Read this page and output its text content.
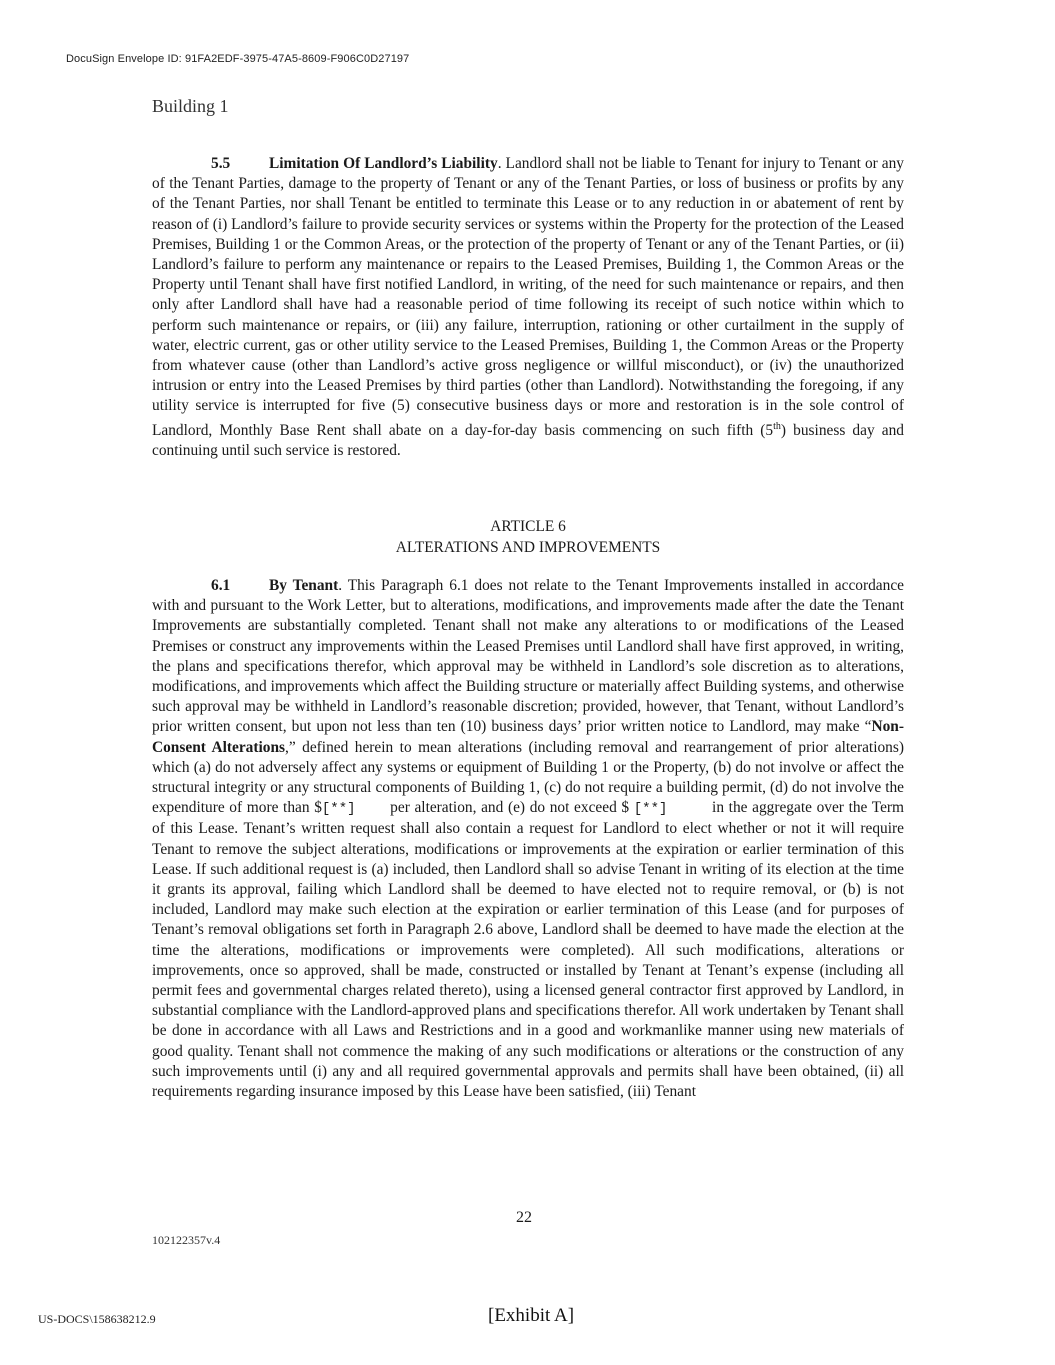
DocuSign Envelope ID: 91FA2EDF-3975-47A5-8609-F906C0D27197
Building 1

5.5	Limitation Of Landlord’s Liability. Landlord shall not be liable to Tenant for injury to Tenant or any of the Tenant Parties, damage to the property of Tenant or any of the Tenant Parties, or loss of business or profits by any of the Tenant Parties, nor shall Tenant be entitled to terminate this Lease or to any reduction in or abatement of rent by reason of (i) Landlord’s failure to provide security services or systems within the Property for the protection of the Leased Premises, Building 1 or the Common Areas, or the protection of the property of Tenant or any of the Tenant Parties, or (ii) Landlord’s failure to perform any maintenance or repairs to the Leased Premises, Building 1, the Common Areas or the Property until Tenant shall have first notified Landlord, in writing, of the need for such maintenance or repairs, and then only after Landlord shall have had a reasonable period of time following its receipt of such notice within which to perform such maintenance or repairs, or (iii) any failure, interruption, rationing or other curtailment in the supply of water, electric current, gas or other utility service to the Leased Premises, Building 1, the Common Areas or the Property from whatever cause (other than Landlord’s active gross negligence or willful misconduct), or (iv) the unauthorized intrusion or entry into the Leased Premises by third parties (other than Landlord). Notwithstanding the foregoing, if any utility service is interrupted for five (5) consecutive business days or more and restoration is in the sole control of Landlord, Monthly Base Rent shall abate on a day-for-day basis commencing on such fifth (5th) business day and continuing until such service is restored.

ARTICLE 6
ALTERATIONS AND IMPROVEMENTS

6.1	By Tenant. This Paragraph 6.1 does not relate to the Tenant Improvements installed in accordance with and pursuant to the Work Letter, but to alterations, modifications, and improvements made after the date the Tenant Improvements are substantially completed. Tenant shall not make any alterations to or modifications of the Leased Premises or construct any improvements within the Leased Premises until Landlord shall have first approved, in writing, the plans and specifications therefor, which approval may be withheld in Landlord’s sole discretion as to alterations, modifications, and improvements which affect the Building structure or materially affect Building systems, and otherwise such approval may be withheld in Landlord’s reasonable discretion; provided, however, that Tenant, without Landlord’s prior written consent, but upon not less than ten (10) business days’ prior written notice to Landlord, may make “Non-Consent Alterations,” defined herein to mean alterations (including removal and rearrangement of prior alterations) which (a) do not adversely affect any systems or equipment of Building 1 or the Property, (b) do not involve or affect the structural integrity or any structural components of Building 1, (c) do not require a building permit, (d) do not involve the expenditure of more than $[**] per alteration, and (e) do not exceed $ [**]	in the aggregate over the Term of this Lease. Tenant’s written request shall also contain a request for Landlord to elect whether or not it will require Tenant to remove the subject alterations, modifications or improvements at the expiration or earlier termination of this Lease. If such additional request is (a) included, then Landlord shall so advise Tenant in writing of its election at the time it grants its approval, failing which Landlord shall be deemed to have elected not to require removal, or (b) is not included, Landlord may make such election at the expiration or earlier termination of this Lease (and for purposes of Tenant’s removal obligations set forth in Paragraph 2.6 above, Landlord shall be deemed to have made the election at the time the alterations, modifications or improvements were completed). All such modifications, alterations or improvements, once so approved, shall be made, constructed or installed by Tenant at Tenant’s expense (including all permit fees and governmental charges related thereto), using a licensed general contractor first approved by Landlord, in substantial compliance with the Landlord-approved plans and specifications therefor. All work undertaken by Tenant shall be done in accordance with all Laws and Restrictions and in a good and workmanlike manner using new materials of good quality. Tenant shall not commence the making of any such modifications or alterations or the construction of any such improvements until (i) any and all required governmental approvals and permits shall have been obtained, (ii) all requirements regarding insurance imposed by this Lease have been satisfied, (iii) Tenant

22
102122357v.4
US-DOCS\158638212.9	[Exhibit A]
